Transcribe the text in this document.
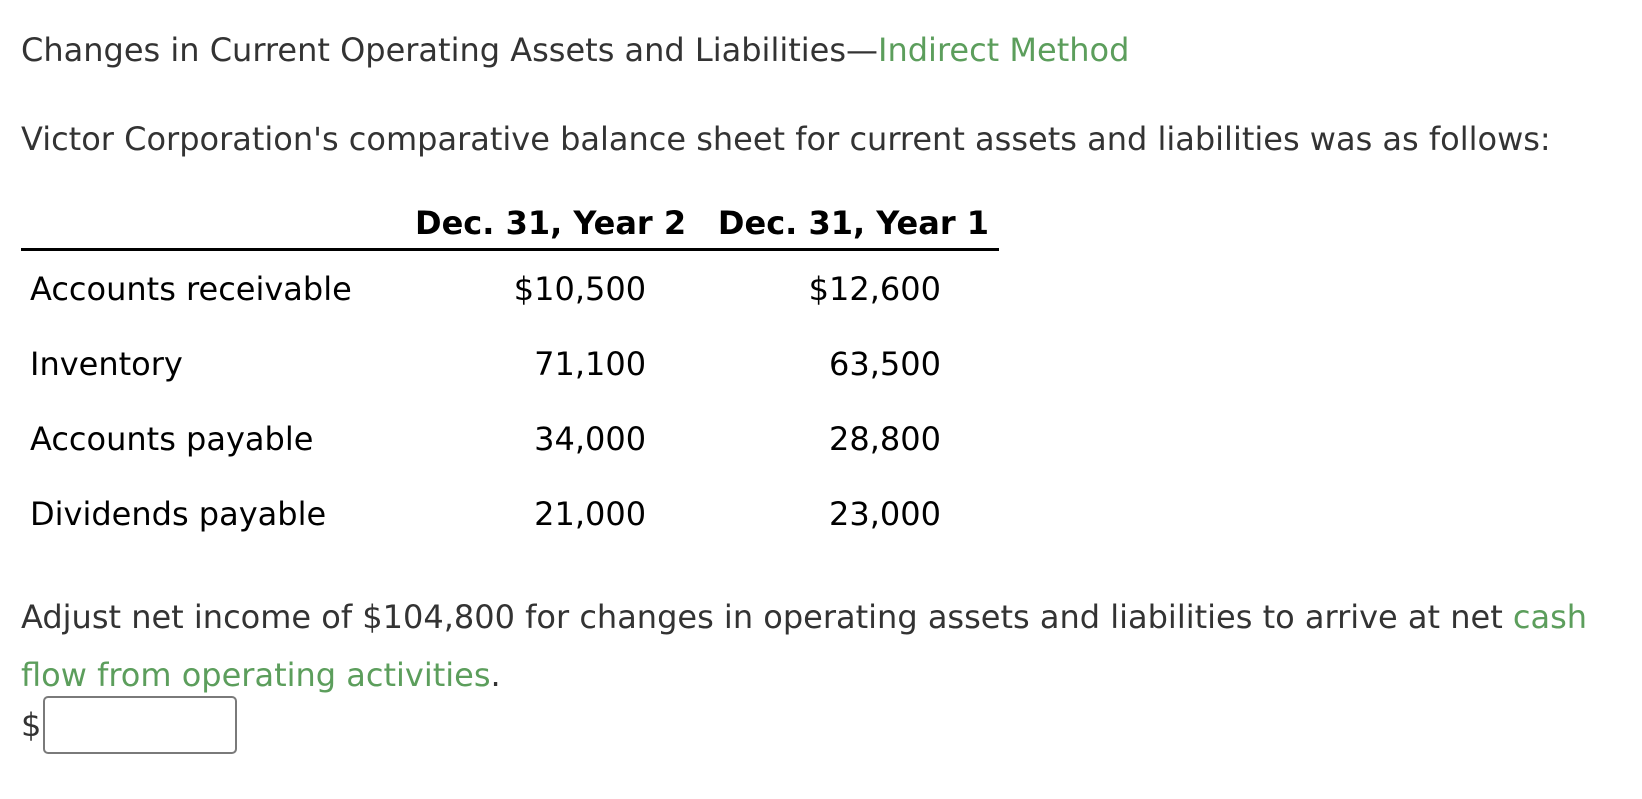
Changes in Current Operating Assets and Liabilities—Indirect Method
Victor Corporation's comparative balance sheet for current assets and liabilities was as follows:
	Dec. 31, Year 2	Dec. 31, Year 1
Accounts receivable	$10,500	$12,600
Inventory	71,100	63,500
Accounts payable	34,000	28,800
Dividends payable	21,000	23,000
Adjust net income of $104,800 for changes in operating assets and liabilities to arrive at net cash flow from operating activities.
$
